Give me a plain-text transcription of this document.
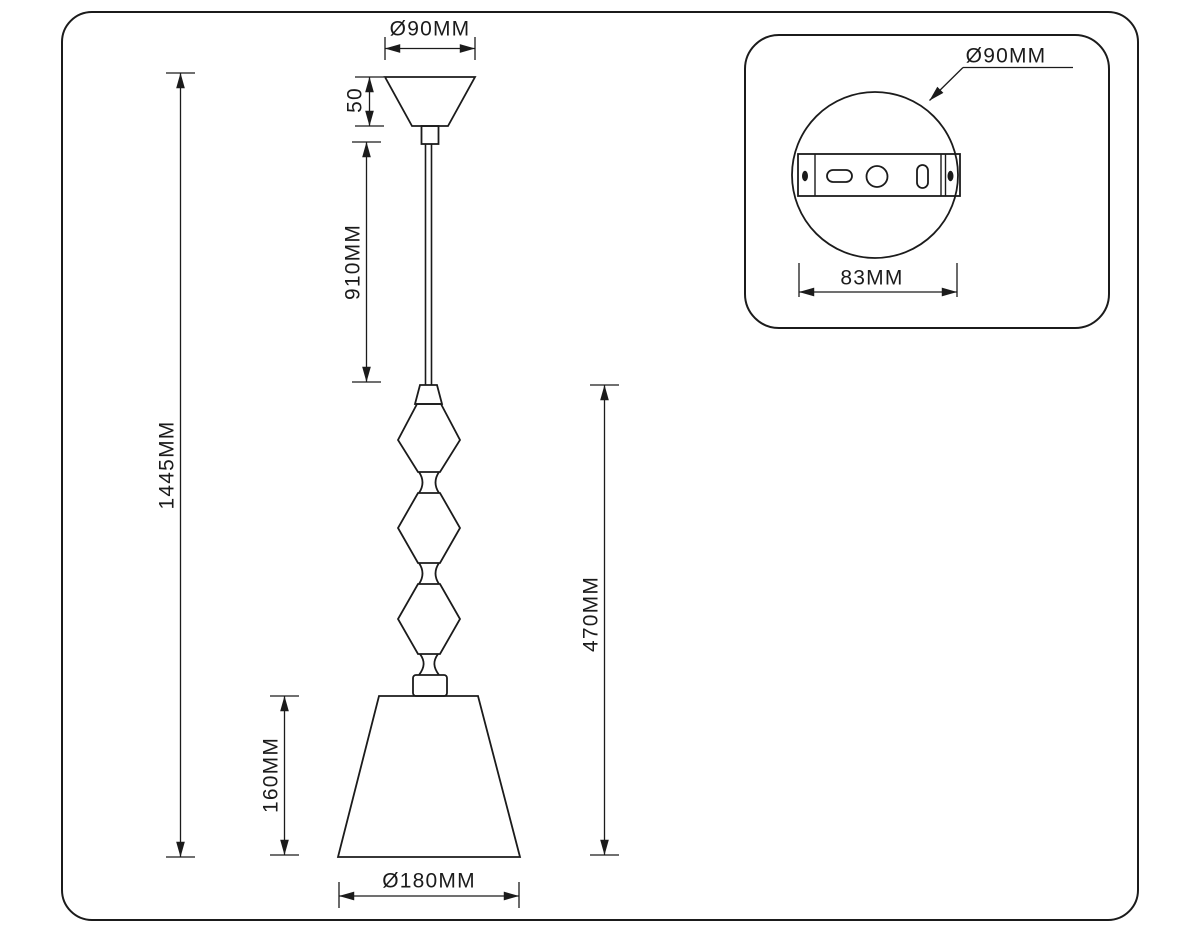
Ø90MM
50
910MM
1445MM
470MM
160MM
Ø180MM
Ø90MM
83MM
